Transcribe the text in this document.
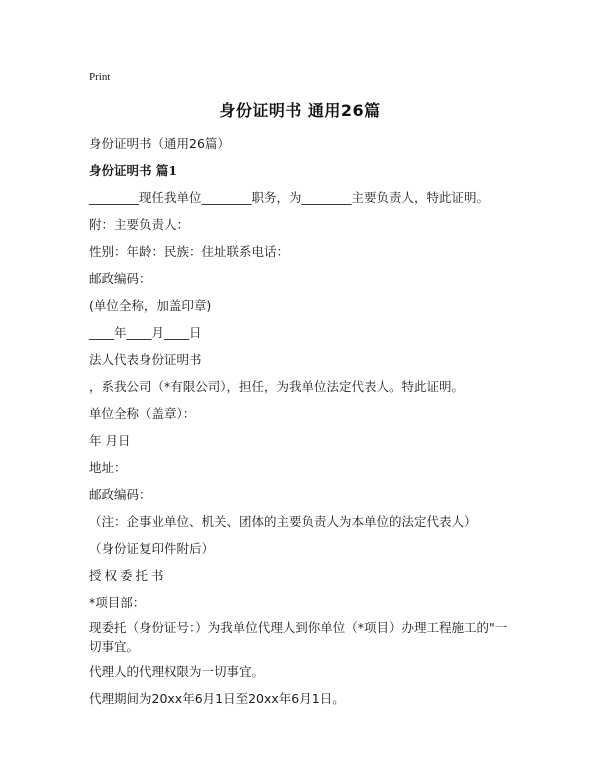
Print
身份证明书 通用26篇
身份证明书（通用26篇）
身份证明书 篇1
________现任我单位________职务，为________主要负责人，特此证明。
附：主要负责人：
性别：年龄：民族：住址联系电话：
邮政编码：
(单位全称，加盖印章)
____年____月____日
法人代表身份证明书
，系我公司（*有限公司），担任，为我单位法定代表人。特此证明。
单位全称（盖章）：
年 月日
地址：
邮政编码：
（注：企事业单位、机关、团体的主要负责人为本单位的法定代表人）
（身份证复印件附后）
授权委托书
*项目部：
现委托（身份证号：）为我单位代理人到你单位（*项目）办理工程施工的"一切事宜。
代理人的代理权限为一切事宜。
代理期间为20xx年6月1日至20xx年6月1日。
